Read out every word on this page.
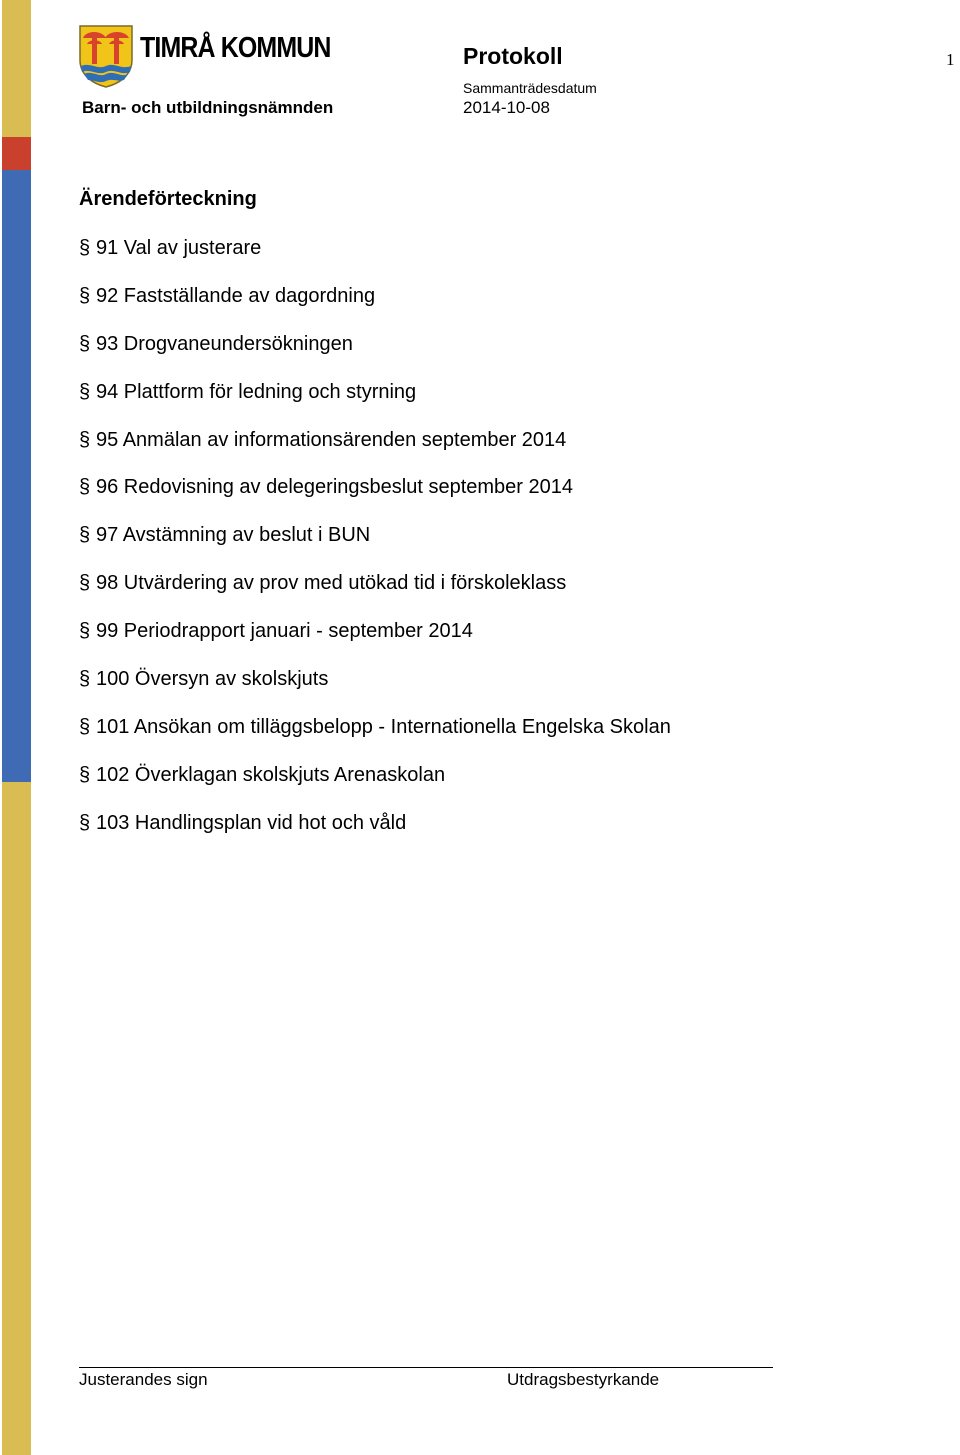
TIMRÅ KOMMUN
Barn- och utbildningsnämnden
Protokoll
Sammanträdesdatum
2014-10-08
1
Ärendeförteckning
§ 91 Val av justerare
§ 92 Fastställande av dagordning
§ 93 Drogvaneundersökningen
§ 94 Plattform för ledning och styrning
§ 95 Anmälan av informationsärenden september 2014
§ 96 Redovisning av delegeringsbeslut september 2014
§ 97 Avstämning av beslut i BUN
§ 98 Utvärdering av prov med utökad tid i förskoleklass
§ 99 Periodrapport januari - september 2014
§ 100 Översyn av skolskjuts
§ 101 Ansökan om tilläggsbelopp - Internationella Engelska Skolan
§ 102 Överklagan skolskjuts Arenaskolan
§ 103 Handlingsplan vid hot och våld
Justerandes sign	Utdragsbestyrkande
